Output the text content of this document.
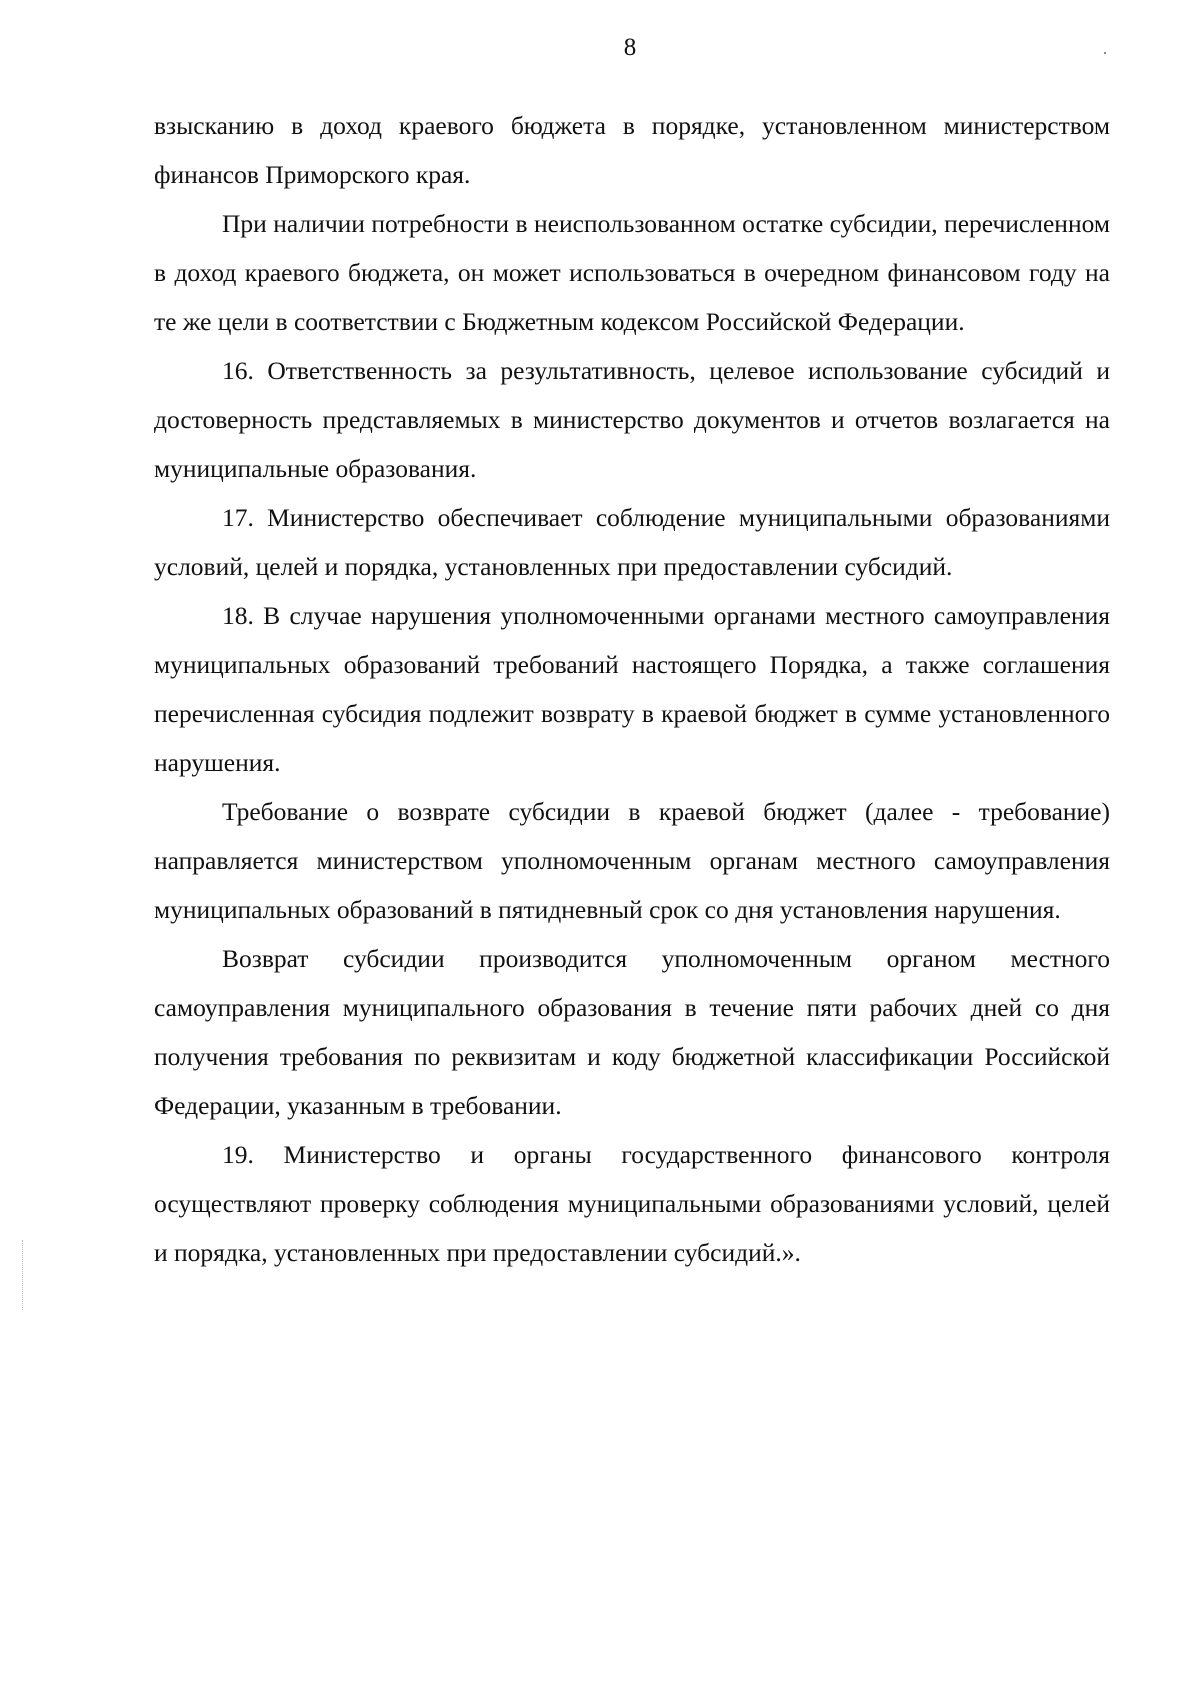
8

взысканию в доход краевого бюджета в порядке, установленном министерством финансов Приморского края.

При наличии потребности в неиспользованном остатке субсидии, перечисленном в доход краевого бюджета, он может использоваться в очередном финансовом году на те же цели в соответствии с Бюджетным кодексом Российской Федерации.

16. Ответственность за результативность, целевое использование субсидий и достоверность представляемых в министерство документов и отчетов возлагается на муниципальные образования.

17. Министерство обеспечивает соблюдение муниципальными образованиями условий, целей и порядка, установленных при предоставлении субсидий.

18. В случае нарушения уполномоченными органами местного самоуправления муниципальных образований требований настоящего Порядка, а также соглашения перечисленная субсидия подлежит возврату в краевой бюджет в сумме установленного нарушения.

Требование о возврате субсидии в краевой бюджет (далее - требование) направляется министерством уполномоченным органам местного самоуправления муниципальных образований в пятидневный срок со дня установления нарушения.

Возврат субсидии производится уполномоченным органом местного самоуправления муниципального образования в течение пяти рабочих дней со дня получения требования по реквизитам и коду бюджетной классификации Российской Федерации, указанным в требовании.

19. Министерство и органы государственного финансового контроля осуществляют проверку соблюдения муниципальными образованиями условий, целей и порядка, установленных при предоставлении субсидий.».
